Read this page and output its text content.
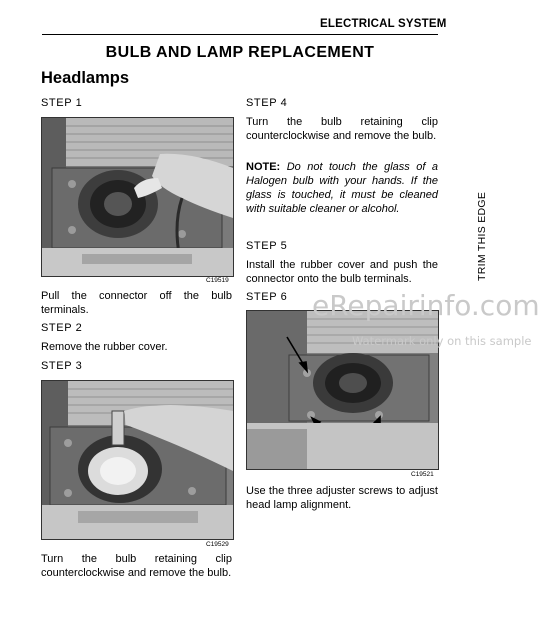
ELECTRICAL SYSTEM
BULB AND LAMP REPLACEMENT
Headlamps
STEP 1
C19519
Pull the connector off the bulb terminals.
STEP 2
Remove the rubber cover.
STEP 3
C19529
Turn the bulb retaining clip counterclockwise and remove the bulb.
STEP 4
Turn the bulb retaining clip counterclockwise and remove the bulb.
NOTE: Do not touch the glass of a Halogen bulb with your hands. If the glass is touched, it must be cleaned with suitable cleaner or alcohol.
STEP 5
Install the rubber cover and push the connector onto the bulb terminals.
STEP 6
C19521
Use the three adjuster screws to adjust head lamp alignment.
TRIM THIS EDGE
eRepairinfo.com
Watermark only on this sample
